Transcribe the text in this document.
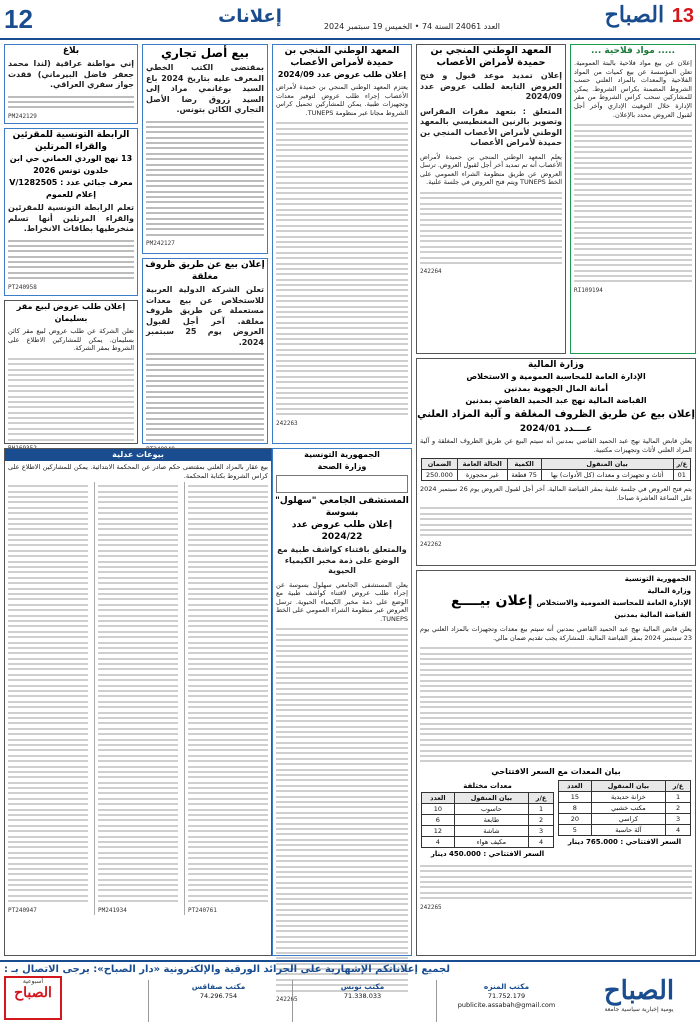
12	إعلانات	13 الصباح
العدد 24061 السنة 74 • الخميس 19 سبتمبر 2024
..... مواد فلاحية ...
إعلان عن بيع مواد فلاحية بالبتة العمومية. تعلن المؤسسة عن بيع كميات من المواد الفلاحية والمعدات بالمزاد العلني حسب الشروط المضمنة بكراس الشروط. يمكن للمشاركين سحب كراس الشروط من مقر الإدارة خلال التوقيت الإداري وآخر أجل لقبول العروض محدد بالإعلان.
RI109194
المعهد الوطني المنجي بن حميدة لأمراض الأعصاب
إعلان تمديد موعد قبول و فتح العروض التابعة لطلب عروض عدد 2024/09
المتعلق : بتعهد مقرات المقراس وتصوير بالرنين المغنطيسي بالمعهد الوطني لأمراض الأعصاب المنجي بن حميدة لأمراض الأعصاب
يعلم المعهد الوطني المنجي بن حميدة لأمراض الأعصاب أنه تم تمديد آخر أجل لقبول العروض. ترسل العروض عن طريق منظومة الشراء العمومي على الخط TUNEPS ويتم فتح العروض في جلسة علنية.
242264
المعهد الوطني المنجي بن حميدة لأمراض الأعصاب
إعلان طلب عروض عدد 2024/09
يعتزم المعهد الوطني المنجي بن حميدة لأمراض الأعصاب إجراء طلب عروض لتوفير معدات وتجهيزات طبية. يمكن للمشاركين تحميل كراس الشروط مجانا عبر منظومة TUNEPS.
242263
بيع أصل تجاري
بمقتضى الكتب الخطي المعرف عليه بتاريخ 2024 باع السيد بوغانمي مراد إلى السيد زروق رضا الأصل التجاري الكائن بتونس.
PM242127
إعلان بيع عن طريق ظروف مغلقة
تعلن الشركة الدولية العربية للاستخلاص عن بيع معدات مستعملة عن طريق ظروف مغلقة. آخر أجل لقبول العروض يوم 25 سبتمبر 2024.
بلاغ
إني مواطنة عراقية (لندا محمد جعفر فاضل البيرماني) فقدت جواز سفري العراقي.
PM242129
الرابطة التونسية للمقرئين والقراء المرتلين
13 نهج الوردي العماني حي ابن خلدون تونس 2026
معرف جبائي عدد : 1282505/V
إعلام للعموم
تعلم الرابطة التونسية للمقرئين والقراء المرتلين أنها تسلم منخرطيها بطاقات الانخراط.
PT240958
إعلان طلب عروض لبيع مقر بسليمان
تعلن الشركة عن طلب عروض لبيع مقر كائن بسليمان. يمكن للمشاركين الاطلاع على الشروط بمقر الشركة.
وزارة المالية
الإدارة العامة للمحاسبة العمومية و الاستخلاص
أمانة المال الجهوية بمدنين
القباضة المالية نهج عبد الحميد القاضي بمدنين
إعلان بيع عن طريق الظروف المغلقة و آلية المزاد العلني
عــــدد 2024/01
يعلن قابض المالية نهج عبد الحميد القاضي بمدنين أنه سيتم البيع عن طريق الظروف المغلقة و آلية المزاد العلني لأثاث وتجهيزات مكتبية.
ع/ر	بيان المنقول	الكمية	الحالة العامة	الضمان
01	أثاث و تجهيزات و معدات (كل الأدوات) بها	75 قطعة	غير محجوزة	250.000
يتم فتح العروض في جلسة علنية بمقر القباضة المالية. آخر أجل لقبول العروض يوم 26 سبتمبر 2024 على الساعة العاشرة صباحا.
242262
الجمهورية التونسية
وزارة الصحة
المستشفى الجامعي "سهلول" بسوسة
إعلان طلب عروض عدد 2024/22
والمتعلق باقتناء كواشف طبية مع الوضع على ذمة مخبر الكيمياء الحيوية
يعلن المستشفى الجامعي سهلول بسوسة عن إجراء طلب عروض لاقتناء كواشف طبية مع الوضع على ذمة مخبر الكيمياء الحيوية. ترسل العروض عبر منظومة الشراء العمومي على الخط TUNEPS.
242265
الجمهورية التونسية
وزارة المالية
الإدارة العامة للمحاسبة العمومية والاستخلاص
القباضة المالية بمدنين
إعلان بيــــع
يعلن قابض المالية نهج عبد الحميد القاضي بمدنين أنه سيتم بيع معدات وتجهيزات بالمزاد العلني يوم 23 سبتمبر 2024 بمقر القباضة المالية. للمشاركة يجب تقديم ضمان مالي.
بيان المعدات مع السعر الافتتاحي
ع/ر	بيان المنقول	العدد
1	خزانة حديدية	15
2	مكتب خشبي	8
3	كراسي	20
4	آلة حاسبة	5
السعر الافتتاحي : 765.000 دينار
معدات مختلفة
ع/ر	بيان المنقول	العدد
1	حاسوب	10
2	طابعة	6
3	شاشة	12
4	مكيف هواء	4
السعر الافتتاحي : 450.000 دينار
242265
بيوعات عدلية
بيع عقار بالمزاد العلني بمقتضى حكم صادر عن المحكمة الابتدائية. يمكن للمشاركين الاطلاع على كراس الشروط بكتابة المحكمة.
PT240761
PM241934
PT240947
لجميع إعلاناتكم الإشهارية على الجرائد الورقية والإلكترونية «دار الصباح»: يرجى الاتصال بـ :
الصباح
يومية إخبارية سياسية جامعة
مكتب المنزه
71.752.179
publicite.assabah@gmail.com
مكتب تونس
71.338.033
مكتب صفاقس
74.296.754
أسبوعية
الصباح
